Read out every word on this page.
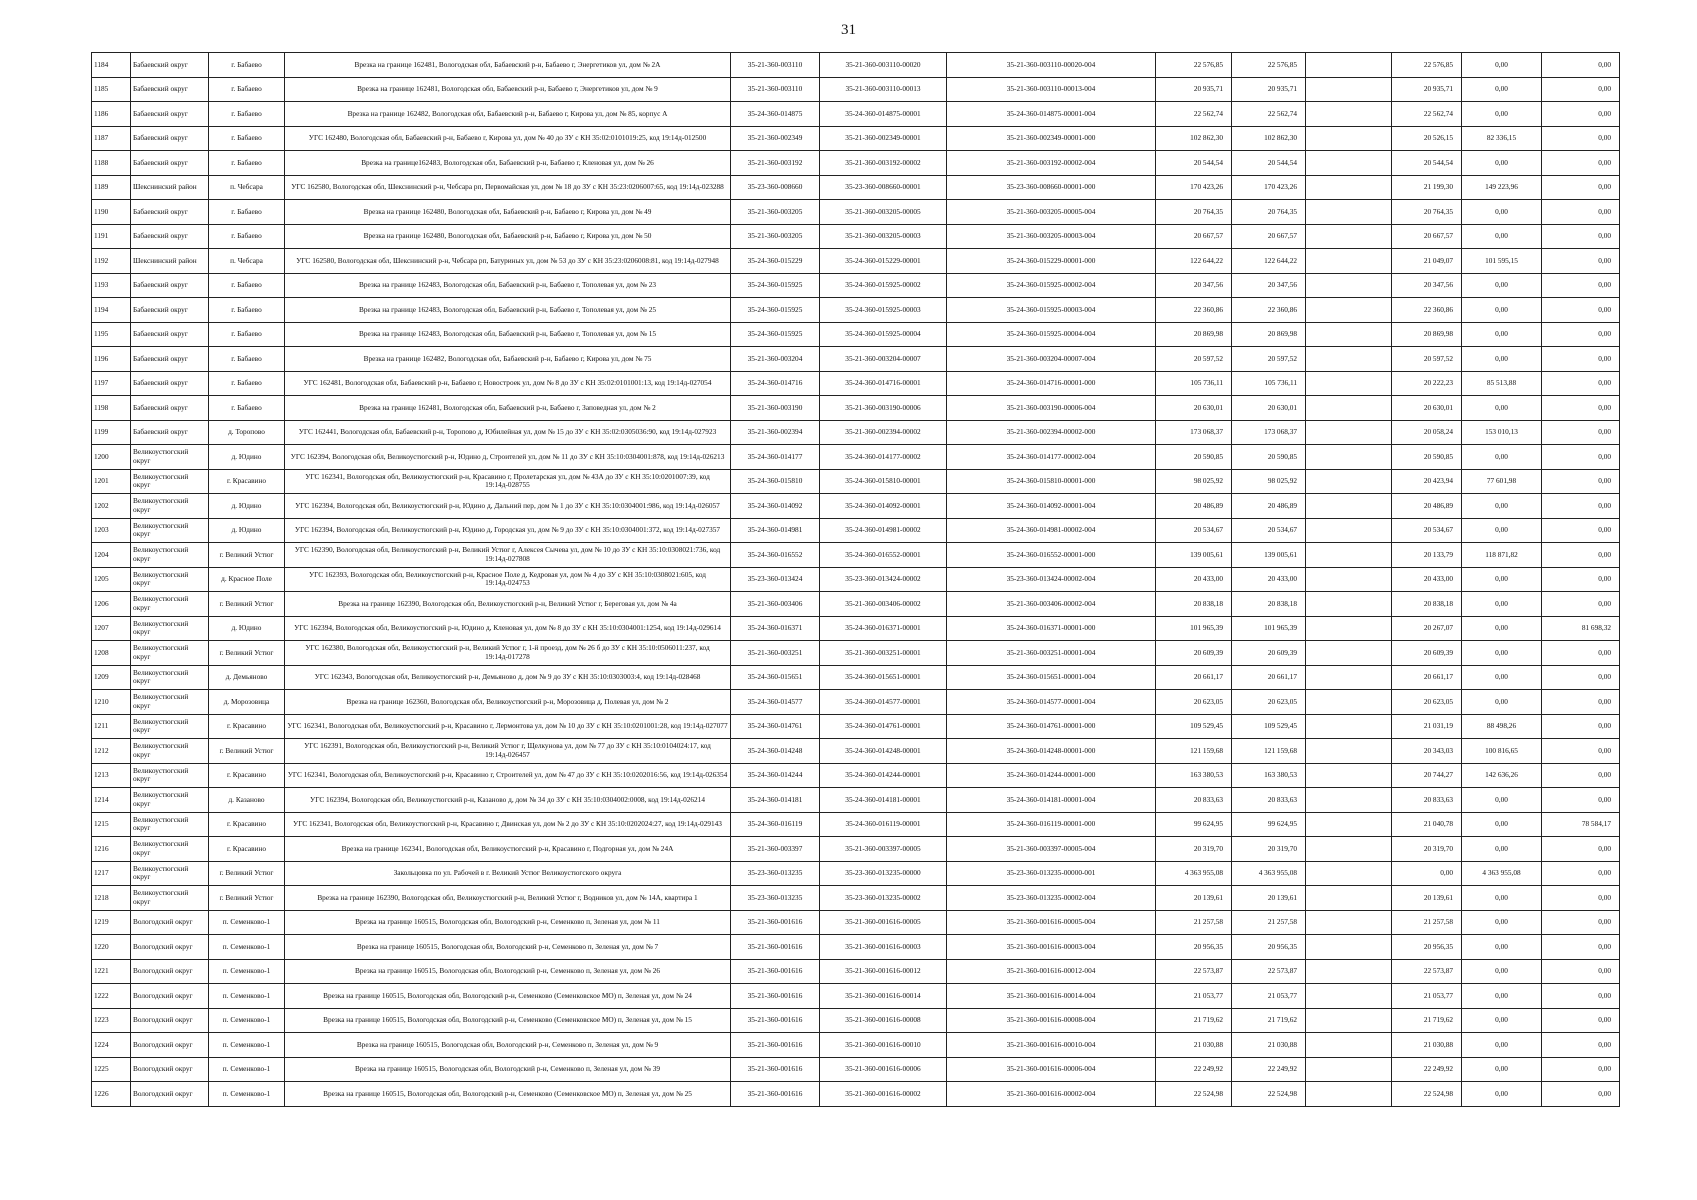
31
1184	Бабаевский округ	г. Бабаево	Врезка на границе 162481, Вологодская обл, Бабаевский р-н, Бабаево г, Энергетиков ул, дом № 2А	35-21-360-003110	35-21-360-003110-00020	35-21-360-003110-00020-004	22 576,85	22 576,85		22 576,85	0,00	0,00
1185	Бабаевский округ	г. Бабаево	Врезка на границе 162481, Вологодская обл, Бабаевский р-н, Бабаево г, Энергетиков ул, дом № 9	35-21-360-003110	35-21-360-003110-00013	35-21-360-003110-00013-004	20 935,71	20 935,71		20 935,71	0,00	0,00
1186	Бабаевский округ	г. Бабаево	Врезка на границе 162482, Вологодская обл, Бабаевский р-н, Бабаево г, Кирова ул, дом № 85, корпус А	35-24-360-014875	35-24-360-014875-00001	35-24-360-014875-00001-004	22 562,74	22 562,74		22 562,74	0,00	0,00
1187	Бабаевский округ	г. Бабаево	УГС 162480, Вологодская обл, Бабаевский р-н, Бабаево г, Кирова ул, дом № 40 до ЗУ с КН 35:02:0101019:25, код 19:14д-012500	35-21-360-002349	35-21-360-002349-00001	35-21-360-002349-00001-000	102 862,30	102 862,30		20 526,15	82 336,15	0,00
1188	Бабаевский округ	г. Бабаево	Врезка на границе162483, Вологодская обл, Бабаевский р-н, Бабаево г, Кленовая ул, дом № 26	35-21-360-003192	35-21-360-003192-00002	35-21-360-003192-00002-004	20 544,54	20 544,54		20 544,54	0,00	0,00
1189	Шекснинский район	п. Чебсара	УГС 162580, Вологодская обл, Шекснинский р-н, Чебсара рп, Первомайская ул, дом № 18 до ЗУ с КН 35:23:0206007:65, код 19:14д-023288	35-23-360-008660	35-23-360-008660-00001	35-23-360-008660-00001-000	170 423,26	170 423,26		21 199,30	149 223,96	0,00
1190	Бабаевский округ	г. Бабаево	Врезка на границе 162480, Вологодская обл, Бабаевский р-н, Бабаево г, Кирова ул, дом № 49	35-21-360-003205	35-21-360-003205-00005	35-21-360-003205-00005-004	20 764,35	20 764,35		20 764,35	0,00	0,00
1191	Бабаевский округ	г. Бабаево	Врезка на границе 162480, Вологодская обл, Бабаевский р-н, Бабаево г, Кирова ул, дом № 50	35-21-360-003205	35-21-360-003205-00003	35-21-360-003205-00003-004	20 667,57	20 667,57		20 667,57	0,00	0,00
1192	Шекснинский район	п. Чебсара	УГС 162580, Вологодская обл, Шекснинский р-н, Чебсара рп, Батуриных ул, дом № 53 до ЗУ с КН 35:23:0206008:81, код 19:14д-027948	35-24-360-015229	35-24-360-015229-00001	35-24-360-015229-00001-000	122 644,22	122 644,22		21 049,07	101 595,15	0,00
1193	Бабаевский округ	г. Бабаево	Врезка на границе 162483, Вологодская обл, Бабаевский р-н, Бабаево г, Тополевая ул, дом № 23	35-24-360-015925	35-24-360-015925-00002	35-24-360-015925-00002-004	20 347,56	20 347,56		20 347,56	0,00	0,00
1194	Бабаевский округ	г. Бабаево	Врезка на границе 162483, Вологодская обл, Бабаевский р-н, Бабаево г, Тополевая ул, дом № 25	35-24-360-015925	35-24-360-015925-00003	35-24-360-015925-00003-004	22 360,86	22 360,86		22 360,86	0,00	0,00
1195	Бабаевский округ	г. Бабаево	Врезка на границе 162483, Вологодская обл, Бабаевский р-н, Бабаево г, Тополевая ул, дом № 15	35-24-360-015925	35-24-360-015925-00004	35-24-360-015925-00004-004	20 869,98	20 869,98		20 869,98	0,00	0,00
1196	Бабаевский округ	г. Бабаево	Врезка на границе 162482, Вологодская обл, Бабаевский р-н, Бабаево г, Кирова ул, дом № 75	35-21-360-003204	35-21-360-003204-00007	35-21-360-003204-00007-004	20 597,52	20 597,52		20 597,52	0,00	0,00
1197	Бабаевский округ	г. Бабаево	УГС 162481, Вологодская обл, Бабаевский р-н, Бабаево г, Новостроек ул, дом № 8 до ЗУ с КН 35:02:0101001:13, код 19:14д-027054	35-24-360-014716	35-24-360-014716-00001	35-24-360-014716-00001-000	105 736,11	105 736,11		20 222,23	85 513,88	0,00
1198	Бабаевский округ	г. Бабаево	Врезка на границе 162481, Вологодская обл, Бабаевский р-н, Бабаево г, Заповедная ул, дом № 2	35-21-360-003190	35-21-360-003190-00006	35-21-360-003190-00006-004	20 630,01	20 630,01		20 630,01	0,00	0,00
1199	Бабаевский округ	д. Торопово	УГС 162441, Вологодская обл, Бабаевский р-н, Торопово д, Юбилейная ул, дом № 15 до ЗУ с КН 35:02:0305036:90, код 19:14д-027923	35-21-360-002394	35-21-360-002394-00002	35-21-360-002394-00002-000	173 068,37	173 068,37		20 058,24	153 010,13	0,00
1200	Великоустюгский округ	д. Юдино	УГС 162394, Вологодская обл, Великоустюгский р-н, Юдино д, Строителей ул, дом № 11 до ЗУ с КН 35:10:0304001:878, код 19:14д-026213	35-24-360-014177	35-24-360-014177-00002	35-24-360-014177-00002-004	20 590,85	20 590,85		20 590,85	0,00	0,00
1201	Великоустюгский округ	г. Красавино	УГС 162341, Вологодская обл, Великоустюгский р-н, Красавино г, Пролетарская ул, дом № 43А до ЗУ с КН 35:10:0201007:39, код 19:14д-028755	35-24-360-015810	35-24-360-015810-00001	35-24-360-015810-00001-000	98 025,92	98 025,92		20 423,94	77 601,98	0,00
1202	Великоустюгский округ	д. Юдино	УГС 162394, Вологодская обл, Великоустюгский р-н, Юдино д, Дальний пер, дом № 1 до ЗУ с КН 35:10:0304001:986, код 19:14д-026057	35-24-360-014092	35-24-360-014092-00001	35-24-360-014092-00001-004	20 486,89	20 486,89		20 486,89	0,00	0,00
1203	Великоустюгский округ	д. Юдино	УГС 162394, Вологодская обл, Великоустюгский р-н, Юдино д, Городская ул, дом № 9 до ЗУ с КН 35:10:0304001:372, код 19:14д-027357	35-24-360-014981	35-24-360-014981-00002	35-24-360-014981-00002-004	20 534,67	20 534,67		20 534,67	0,00	0,00
1204	Великоустюгский округ	г. Великий Устюг	УГС 162390, Вологодская обл, Великоустюгский р-н, Великий Устюг г, Алексея Сычева ул, дом № 10 до ЗУ с КН 35:10:0308021:736, код 19:14д-027808	35-24-360-016552	35-24-360-016552-00001	35-24-360-016552-00001-000	139 005,61	139 005,61		20 133,79	118 871,82	0,00
1205	Великоустюгский округ	д. Красное Поле	УГС 162393, Вологодская обл, Великоустюгский р-н, Красное Поле д, Кедровая ул, дом № 4 до ЗУ с КН 35:10:0308021:605, код 19:14д-024753	35-23-360-013424	35-23-360-013424-00002	35-23-360-013424-00002-004	20 433,00	20 433,00		20 433,00	0,00	0,00
1206	Великоустюгский округ	г. Великий Устюг	Врезка на границе 162390, Вологодская обл, Великоустюгский р-н, Великий Устюг г, Береговая ул, дом № 4а	35-21-360-003406	35-21-360-003406-00002	35-21-360-003406-00002-004	20 838,18	20 838,18		20 838,18	0,00	0,00
1207	Великоустюгский округ	д. Юдино	УГС 162394, Вологодская обл, Великоустюгский р-н, Юдино д, Кленовая ул, дом № 8 до ЗУ с КН 35:10:0304001:1254, код 19:14д-029614	35-24-360-016371	35-24-360-016371-00001	35-24-360-016371-00001-000	101 965,39	101 965,39		20 267,07	0,00	81 698,32
1208	Великоустюгский округ	г. Великий Устюг	УГС 162380, Вологодская обл, Великоустюгский р-н, Великий Устюг г, 1-й проезд, дом № 26 б до ЗУ с КН 35:10:0506011:237, код 19:14д-017278	35-21-360-003251	35-21-360-003251-00001	35-21-360-003251-00001-004	20 609,39	20 609,39		20 609,39	0,00	0,00
1209	Великоустюгский округ	д. Демьяново	УГС 162343, Вологодская обл, Великоустюгский р-н, Демьяново д, дом № 9 до ЗУ с КН 35:10:0303003:4, код 19:14д-028468	35-24-360-015651	35-24-360-015651-00001	35-24-360-015651-00001-004	20 661,17	20 661,17		20 661,17	0,00	0,00
1210	Великоустюгский округ	д. Морозовица	Врезка на границе 162360, Вологодская обл, Великоустюгский р-н, Морозовица д, Полевая ул, дом № 2	35-24-360-014577	35-24-360-014577-00001	35-24-360-014577-00001-004	20 623,05	20 623,05		20 623,05	0,00	0,00
1211	Великоустюгский округ	г. Красавино	УГС 162341, Вологодская обл, Великоустюгский р-н, Красавино г, Лермонтова ул, дом № 10 до ЗУ с КН 35:10:0201001:28, код 19:14д-027077	35-24-360-014761	35-24-360-014761-00001	35-24-360-014761-00001-000	109 529,45	109 529,45		21 031,19	88 498,26	0,00
1212	Великоустюгский округ	г. Великий Устюг	УГС 162391, Вологодская обл, Великоустюгский р-н, Великий Устюг г, Щелкунова ул, дом № 77 до ЗУ с КН 35:10:0104024:17, код 19:14д-026457	35-24-360-014248	35-24-360-014248-00001	35-24-360-014248-00001-000	121 159,68	121 159,68		20 343,03	100 816,65	0,00
1213	Великоустюгский округ	г. Красавино	УГС 162341, Вологодская обл, Великоустюгский р-н, Красавино г, Строителей ул, дом № 47 до ЗУ с КН 35:10:0202016:56, код 19:14д-026354	35-24-360-014244	35-24-360-014244-00001	35-24-360-014244-00001-000	163 380,53	163 380,53		20 744,27	142 636,26	0,00
1214	Великоустюгский округ	д. Казаново	УГС 162394, Вологодская обл, Великоустюгский р-н, Казаново д, дом № 34 до ЗУ с КН 35:10:0304002:0008, код 19:14д-026214	35-24-360-014181	35-24-360-014181-00001	35-24-360-014181-00001-004	20 833,63	20 833,63		20 833,63	0,00	0,00
1215	Великоустюгский округ	г. Красавино	УГС 162341, Вологодская обл, Великоустюгский р-н, Красавино г, Двинская ул, дом № 2 до ЗУ с КН 35:10:0202024:27, код 19:14д-029143	35-24-360-016119	35-24-360-016119-00001	35-24-360-016119-00001-000	99 624,95	99 624,95		21 040,78	0,00	78 584,17
1216	Великоустюгский округ	г. Красавино	Врезка на границе 162341, Вологодская обл, Великоустюгский р-н, Красавино г, Подгорная ул, дом № 24А	35-21-360-003397	35-21-360-003397-00005	35-21-360-003397-00005-004	20 319,70	20 319,70		20 319,70	0,00	0,00
1217	Великоустюгский округ	г. Великий Устюг	Закольцовка по ул. Рабочей в г. Великий Устюг Великоустюгского округа	35-23-360-013235	35-23-360-013235-00000	35-23-360-013235-00000-001	4 363 955,08	4 363 955,08		0,00	4 363 955,08	0,00
1218	Великоустюгский округ	г. Великий Устюг	Врезка на границе 162390, Вологодская обл, Великоустюгский р-н, Великий Устюг г, Водников ул, дом № 14А, квартира 1	35-23-360-013235	35-23-360-013235-00002	35-23-360-013235-00002-004	20 139,61	20 139,61		20 139,61	0,00	0,00
1219	Вологодский округ	п. Семенково-1	Врезка на границе 160515, Вологодская обл, Вологодский р-н, Семенково п, Зеленая ул, дом № 11	35-21-360-001616	35-21-360-001616-00005	35-21-360-001616-00005-004	21 257,58	21 257,58		21 257,58	0,00	0,00
1220	Вологодский округ	п. Семенково-1	Врезка на границе 160515, Вологодская обл, Вологодский р-н, Семенково п, Зеленая ул, дом № 7	35-21-360-001616	35-21-360-001616-00003	35-21-360-001616-00003-004	20 956,35	20 956,35		20 956,35	0,00	0,00
1221	Вологодский округ	п. Семенково-1	Врезка на границе 160515, Вологодская обл, Вологодский р-н, Семенково п, Зеленая ул, дом № 26	35-21-360-001616	35-21-360-001616-00012	35-21-360-001616-00012-004	22 573,87	22 573,87		22 573,87	0,00	0,00
1222	Вологодский округ	п. Семенково-1	Врезка на границе 160515, Вологодская обл, Вологодский р-н, Семенково (Семенковское МО) п, Зеленая ул, дом № 24	35-21-360-001616	35-21-360-001616-00014	35-21-360-001616-00014-004	21 053,77	21 053,77		21 053,77	0,00	0,00
1223	Вологодский округ	п. Семенково-1	Врезка на границе 160515, Вологодская обл, Вологодский р-н, Семенково (Семенковское МО) п, Зеленая ул, дом № 15	35-21-360-001616	35-21-360-001616-00008	35-21-360-001616-00008-004	21 719,62	21 719,62		21 719,62	0,00	0,00
1224	Вологодский округ	п. Семенково-1	Врезка на границе 160515, Вологодская обл, Вологодский р-н, Семенково п, Зеленая ул, дом № 9	35-21-360-001616	35-21-360-001616-00010	35-21-360-001616-00010-004	21 030,88	21 030,88		21 030,88	0,00	0,00
1225	Вологодский округ	п. Семенково-1	Врезка на границе 160515, Вологодская обл, Вологодский р-н, Семенково п, Зеленая ул, дом № 39	35-21-360-001616	35-21-360-001616-00006	35-21-360-001616-00006-004	22 249,92	22 249,92		22 249,92	0,00	0,00
1226	Вологодский округ	п. Семенково-1	Врезка на границе 160515, Вологодская обл, Вологодский р-н, Семенково (Семенковское МО) п, Зеленая ул, дом № 25	35-21-360-001616	35-21-360-001616-00002	35-21-360-001616-00002-004	22 524,98	22 524,98		22 524,98	0,00	0,00
